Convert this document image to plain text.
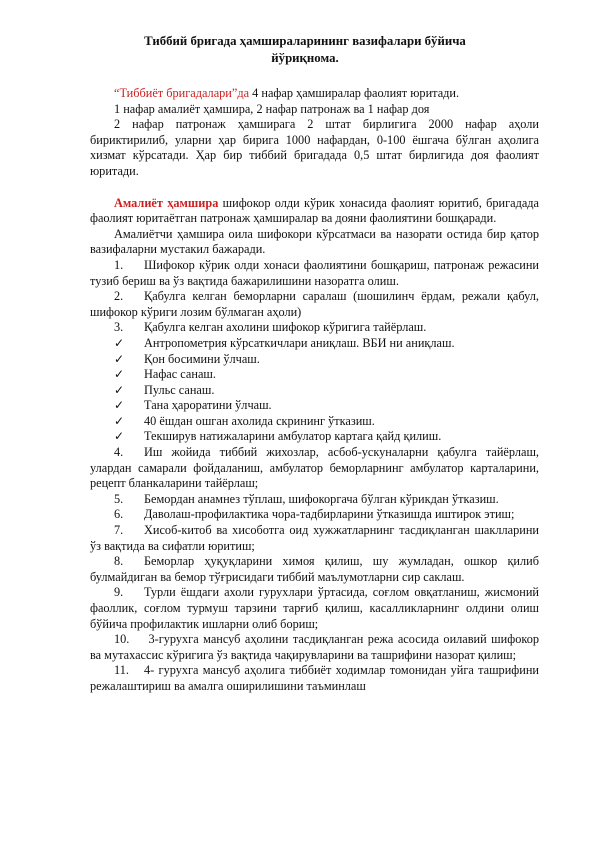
Тиббий бригада ҳамшираларининг вазифалари бўйича
йўриқнома.

“Тиббиёт бригадалари”да 4 нафар ҳамширалар фаолият юритади.

1 нафар амалиёт ҳамшира, 2 нафар патронаж ва 1 нафар доя

2 нафар патронаж ҳамширага 2 штат бирлигига 2000 нафар аҳоли бириктирилиб, уларни ҳар бирига 1000 нафардан, 0-100 ёшгача бўлган аҳолига хизмат кўрсатади. Ҳар бир тиббий бригадада 0,5 штат бирлигида доя фаолият юритади.

Амалиёт ҳамшира шифокор олди кўрик хонасида фаолият юритиб, бригадада фаолият юритаётган патронаж ҳамширалар ва дояни фаолиятини бошқаради.

Амалиётчи ҳамшира оила шифокори кўрсатмаси ва назорати остида бир қатор вазифаларни мустакил бажаради.

1. Шифокор кўрик олди хонаси фаолиятини бошқариш, патронаж режасини тузиб бериш ва ўз вақтида бажарилишини назоратга олиш.

2. Қабулга келган беморларни саралаш (шошилинч ёрдам, режали қабул, шифокор кўриги лозим бўлмаган аҳоли)

3. Қабулга келган ахолини шифокор кўригига тайёрлаш.

✓ Антропометрия кўрсаткичлари аниқлаш. ВБИ ни аниқлаш.

✓ Қон босимини ўлчаш.

✓ Нафас санаш.

✓ Пульс санаш.

✓ Тана ҳароратини ўлчаш.

✓ 40 ёшдан ошган ахолида скрининг ўтказиш.

✓ Текширув натижаларини амбулатор картага қайд қилиш.

4. Иш жойида тиббий жихозлар, асбоб-ускуналарни қабулга тайёрлаш, улардан самарали фойдаланиш, амбулатор беморларнинг амбулатор карталарини, рецепт бланкаларини тайёрлаш;

5. Бемордан анамнез тўплаш, шифокоргача бўлган кўрикдан ўтказиш.

6. Даволаш-профилактика чора-тадбирларини ўтказишда иштирок этиш;

7. Хисоб-китоб ва хисоботга оид хужжатларнинг тасдиқланган шаклларини ўз вақтида ва сифатли юритиш;

8. Беморлар ҳуқуқларини химоя қилиш, шу жумладан, ошкор қилиб булмайдиган ва бемор тўғрисидаги тиббий маълумотларни сир саклаш.

9. Турли ёшдаги ахоли гурухлари ўртасида, соғлом овқатланиш, жисмоний фаоллик, соғлом турмуш тарзини тарғиб қилиш, касалликларнинг олдини олиш бўйича профилактик ишларни олиб бориш;

10. 3-гурухга мансуб аҳолини тасдиқланган режа асосида оилавий шифокор ва мутахассис кўригига ўз вақтида чақирувларини ва ташрифини назорат қилиш;

11. 4- гурухга мансуб аҳолига тиббиёт ходимлар томонидан уйга ташрифини режалаштириш ва амалга оширилишини таъминлаш
